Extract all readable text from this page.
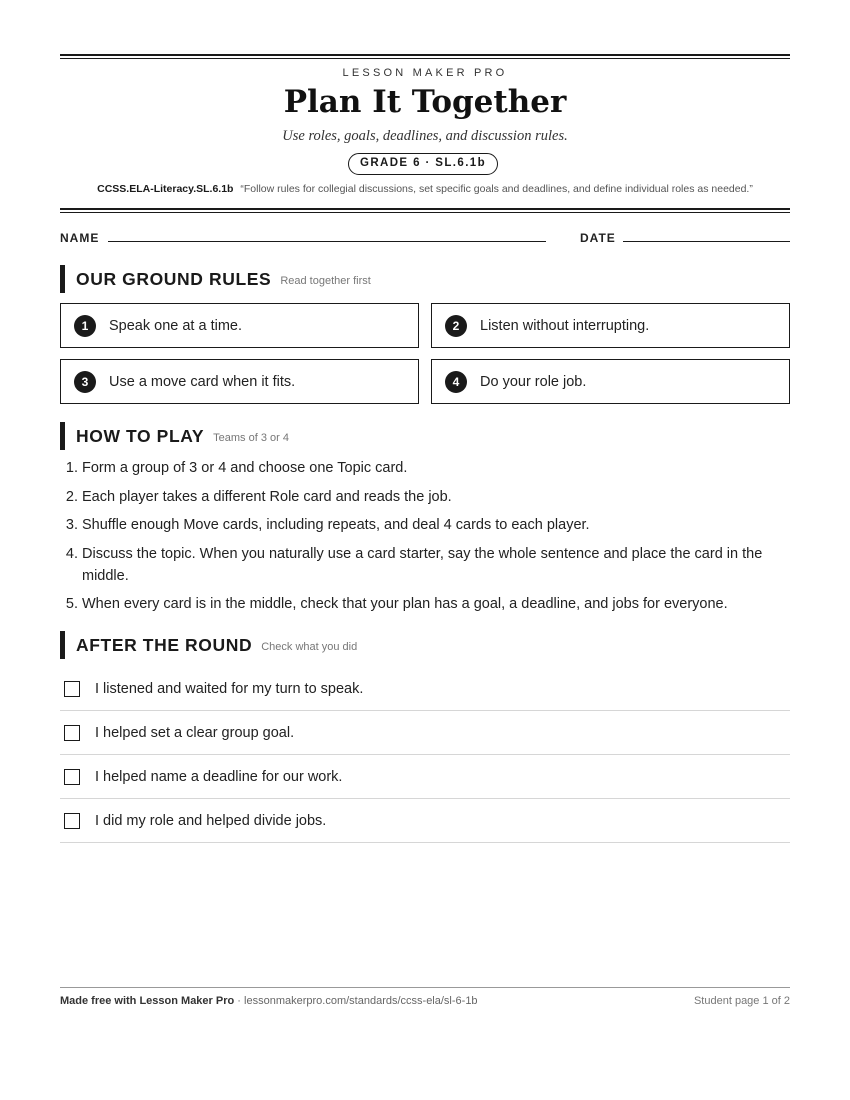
LESSON MAKER PRO
Plan It Together
Use roles, goals, deadlines, and discussion rules.
GRADE 6 · SL.6.1b
CCSS.ELA-Literacy.SL.6.1b “Follow rules for collegial discussions, set specific goals and deadlines, and define individual roles as needed.”
NAME	DATE
OUR GROUND RULES Read together first
1	Speak one at a time.	2	Listen without interrupting.
3	Use a move card when it fits.	4	Do your role job.
HOW TO PLAY Teams of 3 or 4
1. Form a group of 3 or 4 and choose one Topic card.
2. Each player takes a different Role card and reads the job.
3. Shuffle enough Move cards, including repeats, and deal 4 cards to each player.
4. Discuss the topic. When you naturally use a card starter, say the whole sentence and place the card in the middle.
5. When every card is in the middle, check that your plan has a goal, a deadline, and jobs for everyone.
AFTER THE ROUND Check what you did
I listened and waited for my turn to speak.
I helped set a clear group goal.
I helped name a deadline for our work.
I did my role and helped divide jobs.
Made free with Lesson Maker Pro · lessonmakerpro.com/standards/ccss-ela/sl-6-1b	Student page 1 of 2
